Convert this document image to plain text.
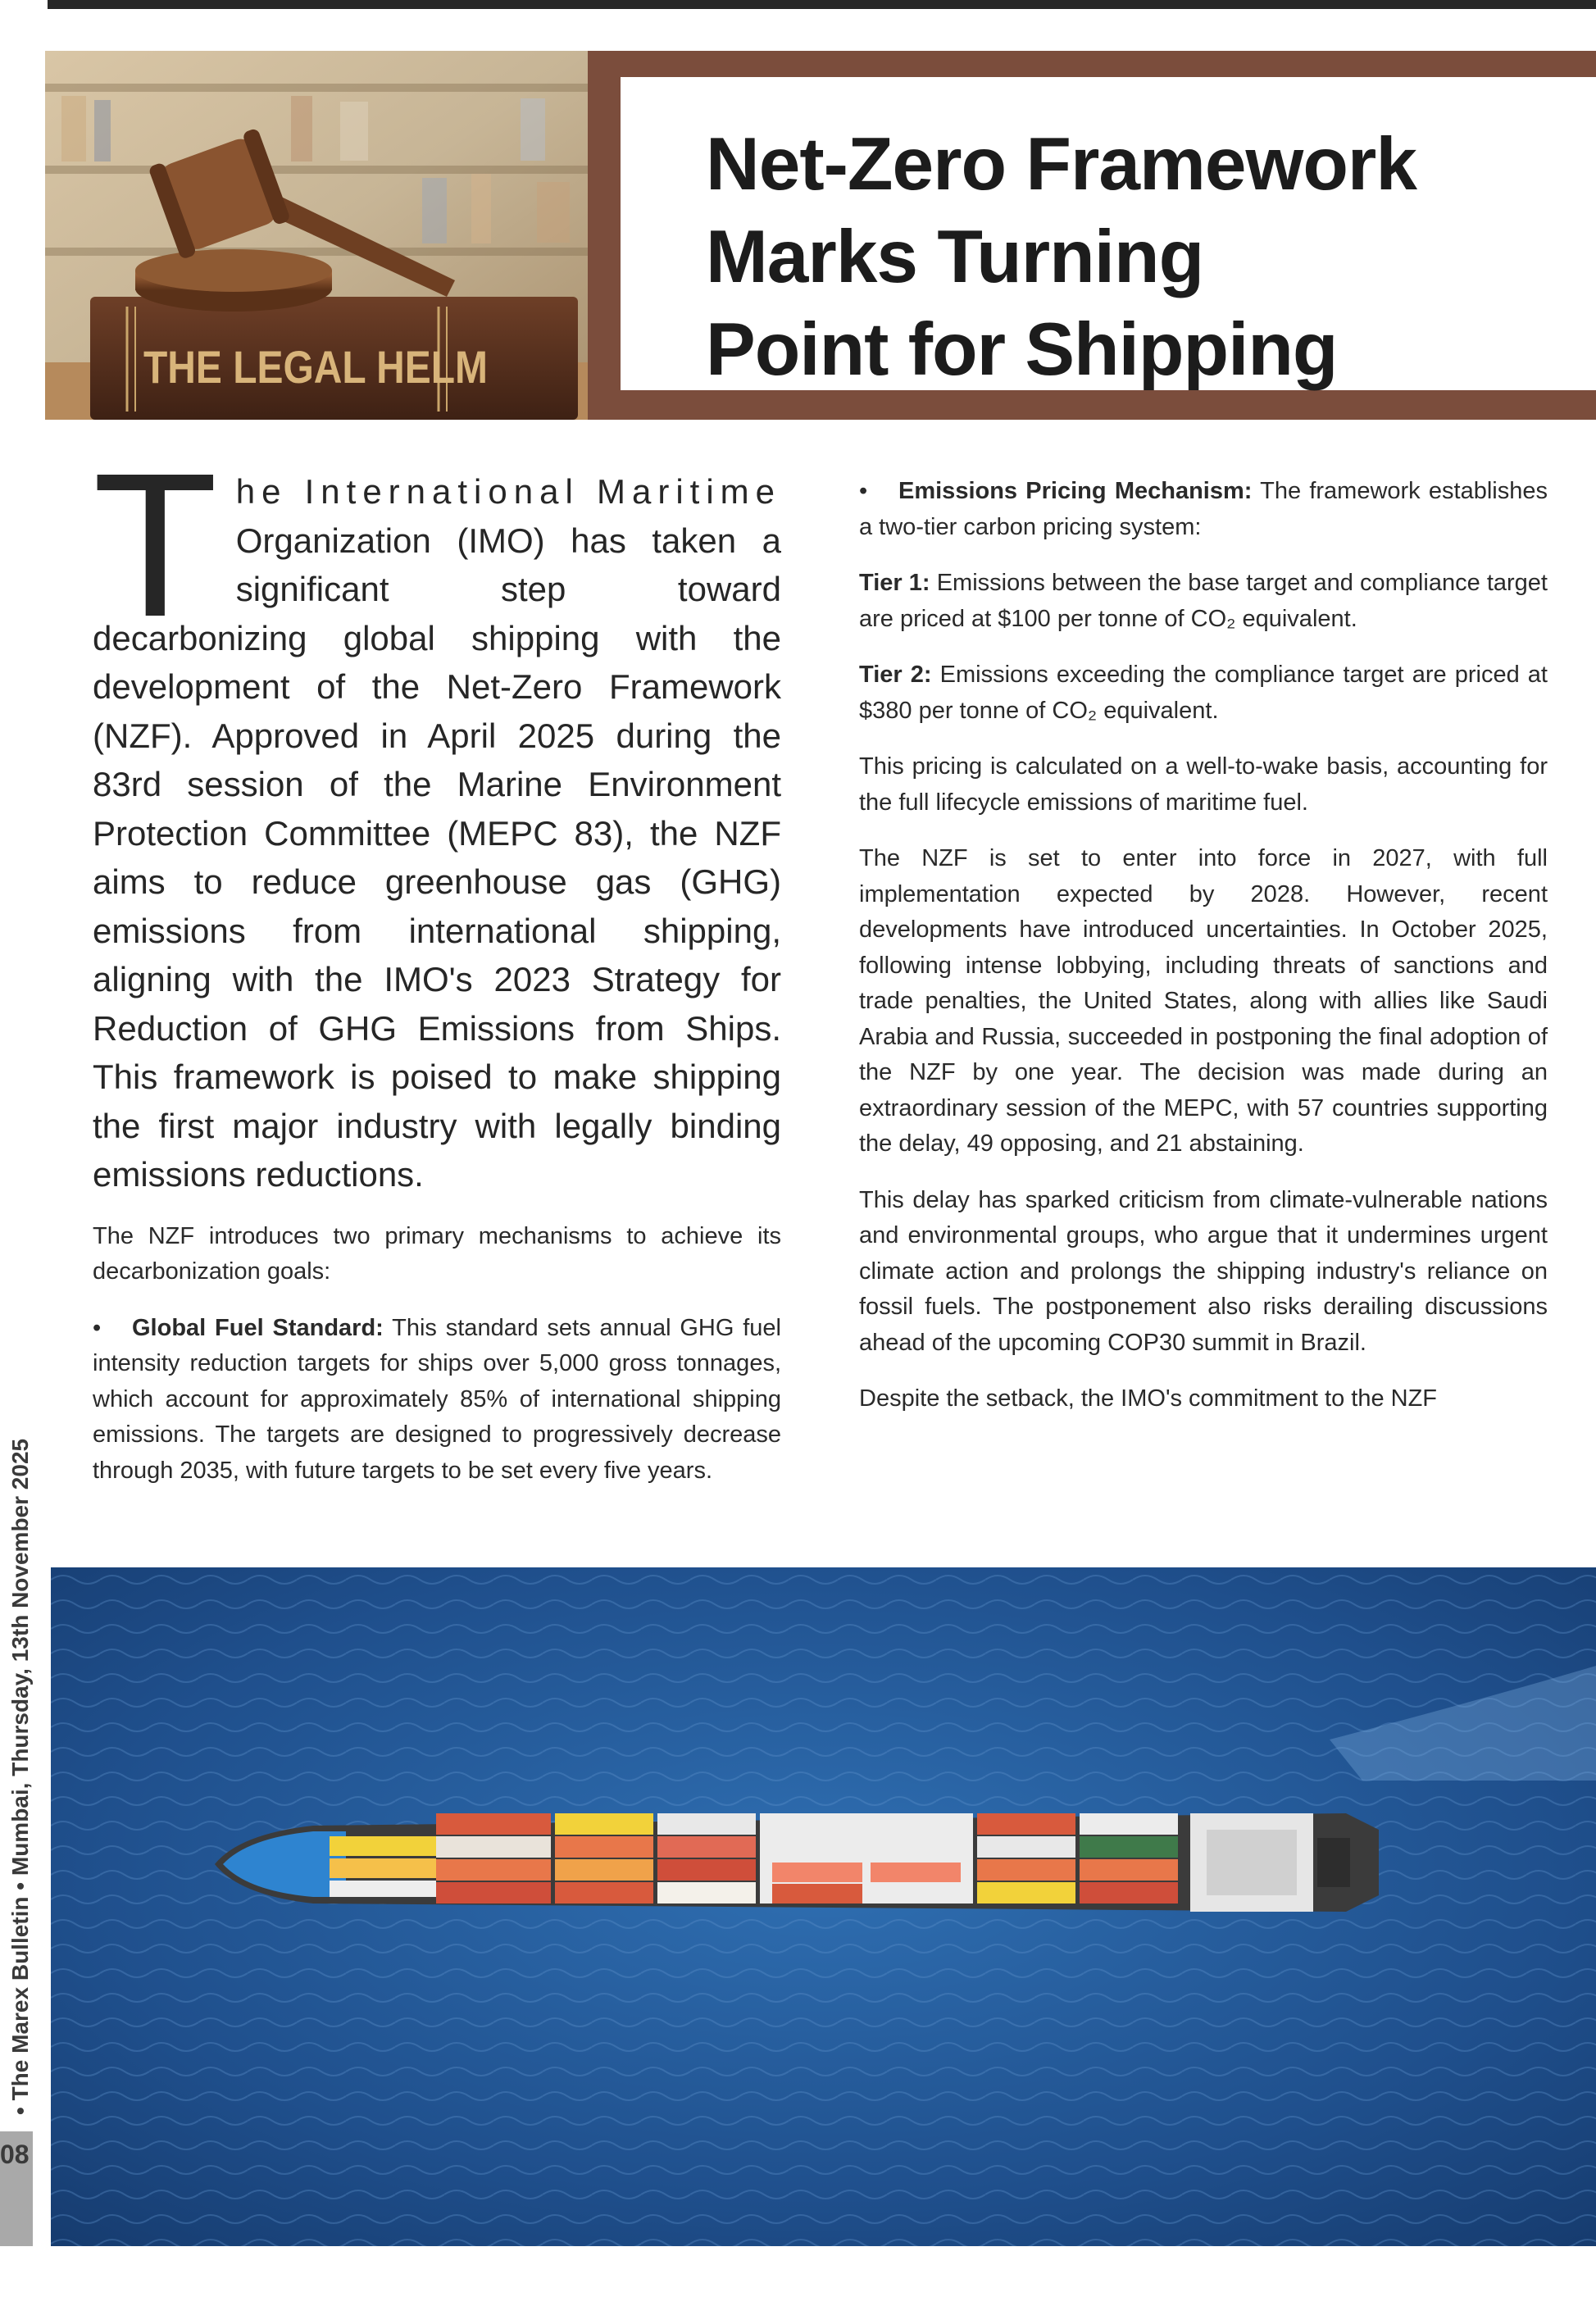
THE LEGAL HELM
Net-Zero Framework
Marks Turning
Point for Shipping

T he International Maritime Organization (IMO) has taken a significant step toward decarbonizing global shipping with the development of the Net-Zero Framework (NZF). Approved in April 2025 during the 83rd session of the Marine Environment Protection Committee (MEPC 83), the NZF aims to reduce greenhouse gas (GHG) emissions from international shipping, aligning with the IMO's 2023 Strategy for Reduction of GHG Emissions from Ships. This framework is poised to make shipping the first major industry with legally binding emissions reductions.

The NZF introduces two primary mechanisms to achieve its decarbonization goals:

• Global Fuel Standard: This standard sets annual GHG fuel intensity reduction targets for ships over 5,000 gross tonnages, which account for approximately 85% of international shipping emissions. The targets are designed to progressively decrease through 2035, with future targets to be set every five years.

• Emissions Pricing Mechanism: The framework establishes a two-tier carbon pricing system:

Tier 1: Emissions between the base target and compliance target are priced at $100 per tonne of CO₂ equivalent.

Tier 2: Emissions exceeding the compliance target are priced at $380 per tonne of CO₂ equivalent.

This pricing is calculated on a well-to-wake basis, accounting for the full lifecycle emissions of maritime fuel.

The NZF is set to enter into force in 2027, with full implementation expected by 2028. However, recent developments have introduced uncertainties. In October 2025, following intense lobbying, including threats of sanctions and trade penalties, the United States, along with allies like Saudi Arabia and Russia, succeeded in postponing the final adoption of the NZF by one year. The decision was made during an extraordinary session of the MEPC, with 57 countries supporting the delay, 49 opposing, and 21 abstaining.

This delay has sparked criticism from climate-vulnerable nations and environmental groups, who argue that it undermines urgent climate action and prolongs the shipping industry's reliance on fossil fuels. The postponement also risks derailing discussions ahead of the upcoming COP30 summit in Brazil.

Despite the setback, the IMO's commitment to the NZF

• The Marex Bulletin • Mumbai, Thursday, 13th November 2025
08
